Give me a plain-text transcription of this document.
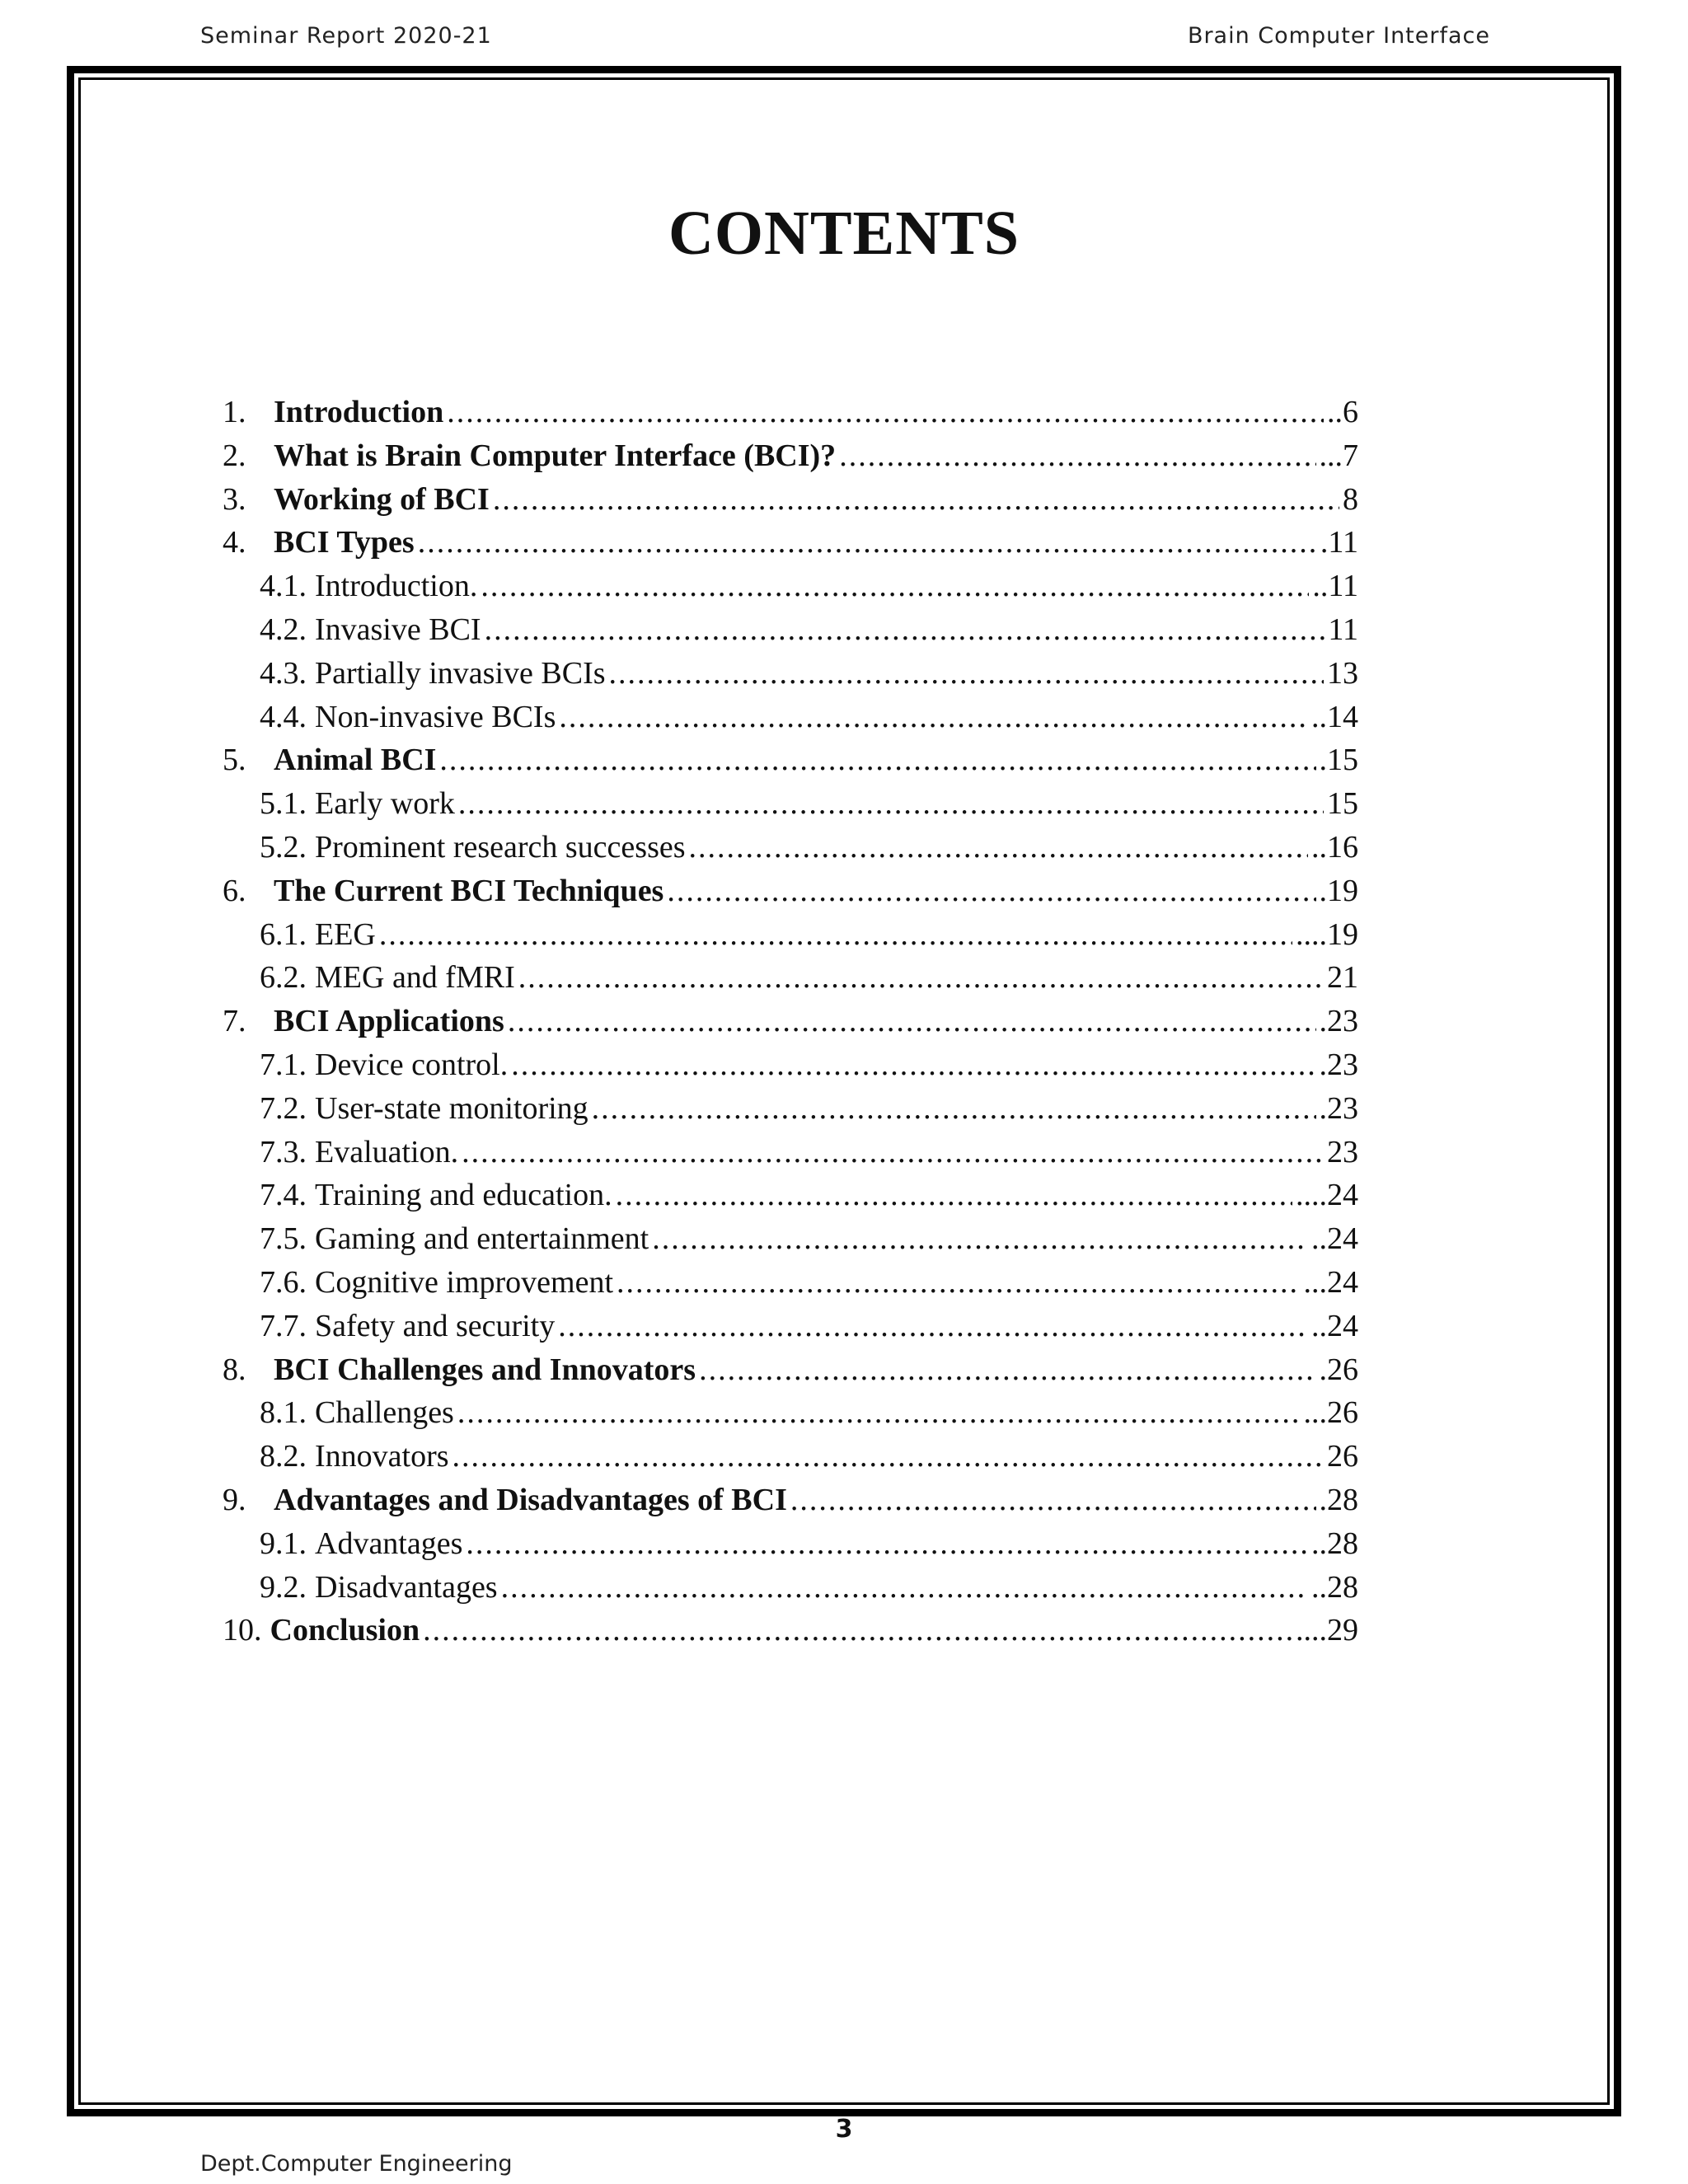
Seminar Report 2020-21	Brain Computer Interface
CONTENTS
1. Introduction .....	..6
2. What is Brain Computer Interface (BCI)? .....	...7
3. Working of BCI .....	8
4. BCI Types .....	.11
4.1. Introduction. .....	..11
4.2. Invasive BCI .....	11
4.3. Partially invasive BCIs .....	13
4.4. Non-invasive BCIs .....	..14
5. Animal BCI .....	.15
5.1. Early work .....	15
5.2. Prominent research successes .....	..16
6. The Current BCI Techniques .....	.19
6.1. EEG .....	....19
6.2. MEG and fMRI .....	21
7. BCI Applications .....	.23
7.1. Device control. .....	.23
7.2. User-state monitoring .....	.23
7.3. Evaluation. .....	23
7.4. Training and education. .....	....24
7.5. Gaming and entertainment .....	..24
7.6. Cognitive improvement .....	...24
7.7. Safety and security .....	..24
8. BCI Challenges and Innovators .....	.26
8.1. Challenges .....	...26
8.2. Innovators .....	26
9. Advantages and Disadvantages of BCI .....	.28
9.1. Advantages .....	..28
9.2. Disadvantages .....	..28
10. Conclusion .....	....29
3
Dept.Computer Engineering
